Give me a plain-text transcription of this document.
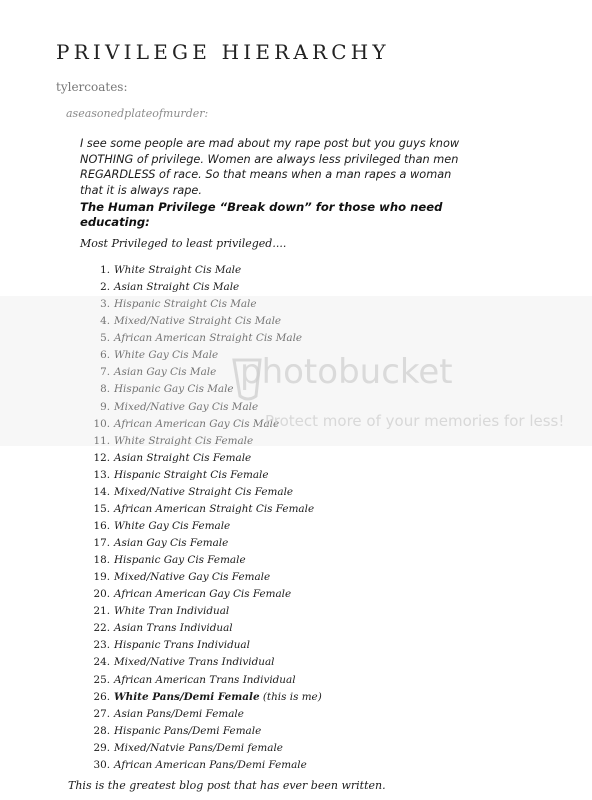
PRIVILEGE HIERARCHY
tylercoates:
aseasonedplateofmurder:
I see some people are mad about my rape post but you guys know NOTHING of privilege. Women are always less privileged than men REGARDLESS of race. So that means when a man rapes a woman that it is always rape.
The Human Privilege “Break down” for those who need educating:
Most Privileged to least privileged....
1. White Straight Cis Male
2. Asian Straight Cis Male
3. Hispanic Straight Cis Male
4. Mixed/Native Straight Cis Male
5. African American Straight Cis Male
6. White Gay Cis Male
7. Asian Gay Cis Male
8. Hispanic Gay Cis Male
9. Mixed/Native Gay Cis Male
10. African American Gay Cis Male
11. White Straight Cis Female
12. Asian Straight Cis Female
13. Hispanic Straight Cis Female
14. Mixed/Native Straight Cis Female
15. African American Straight Cis Female
16. White Gay Cis Female
17. Asian Gay Cis Female
18. Hispanic Gay Cis Female
19. Mixed/Native Gay Cis Female
20. African American Gay Cis Female
21. White Tran Individual
22. Asian Trans Individual
23. Hispanic Trans Individual
24. Mixed/Native Trans Individual
25. African American Trans Individual
26. White Pans/Demi Female (this is me)
27. Asian Pans/Demi Female
28. Hispanic Pans/Demi Female
29. Mixed/Natvie Pans/Demi female
30. African American Pans/Demi Female
This is the greatest blog post that has ever been written.
photobucket
Protect more of your memories for less!
